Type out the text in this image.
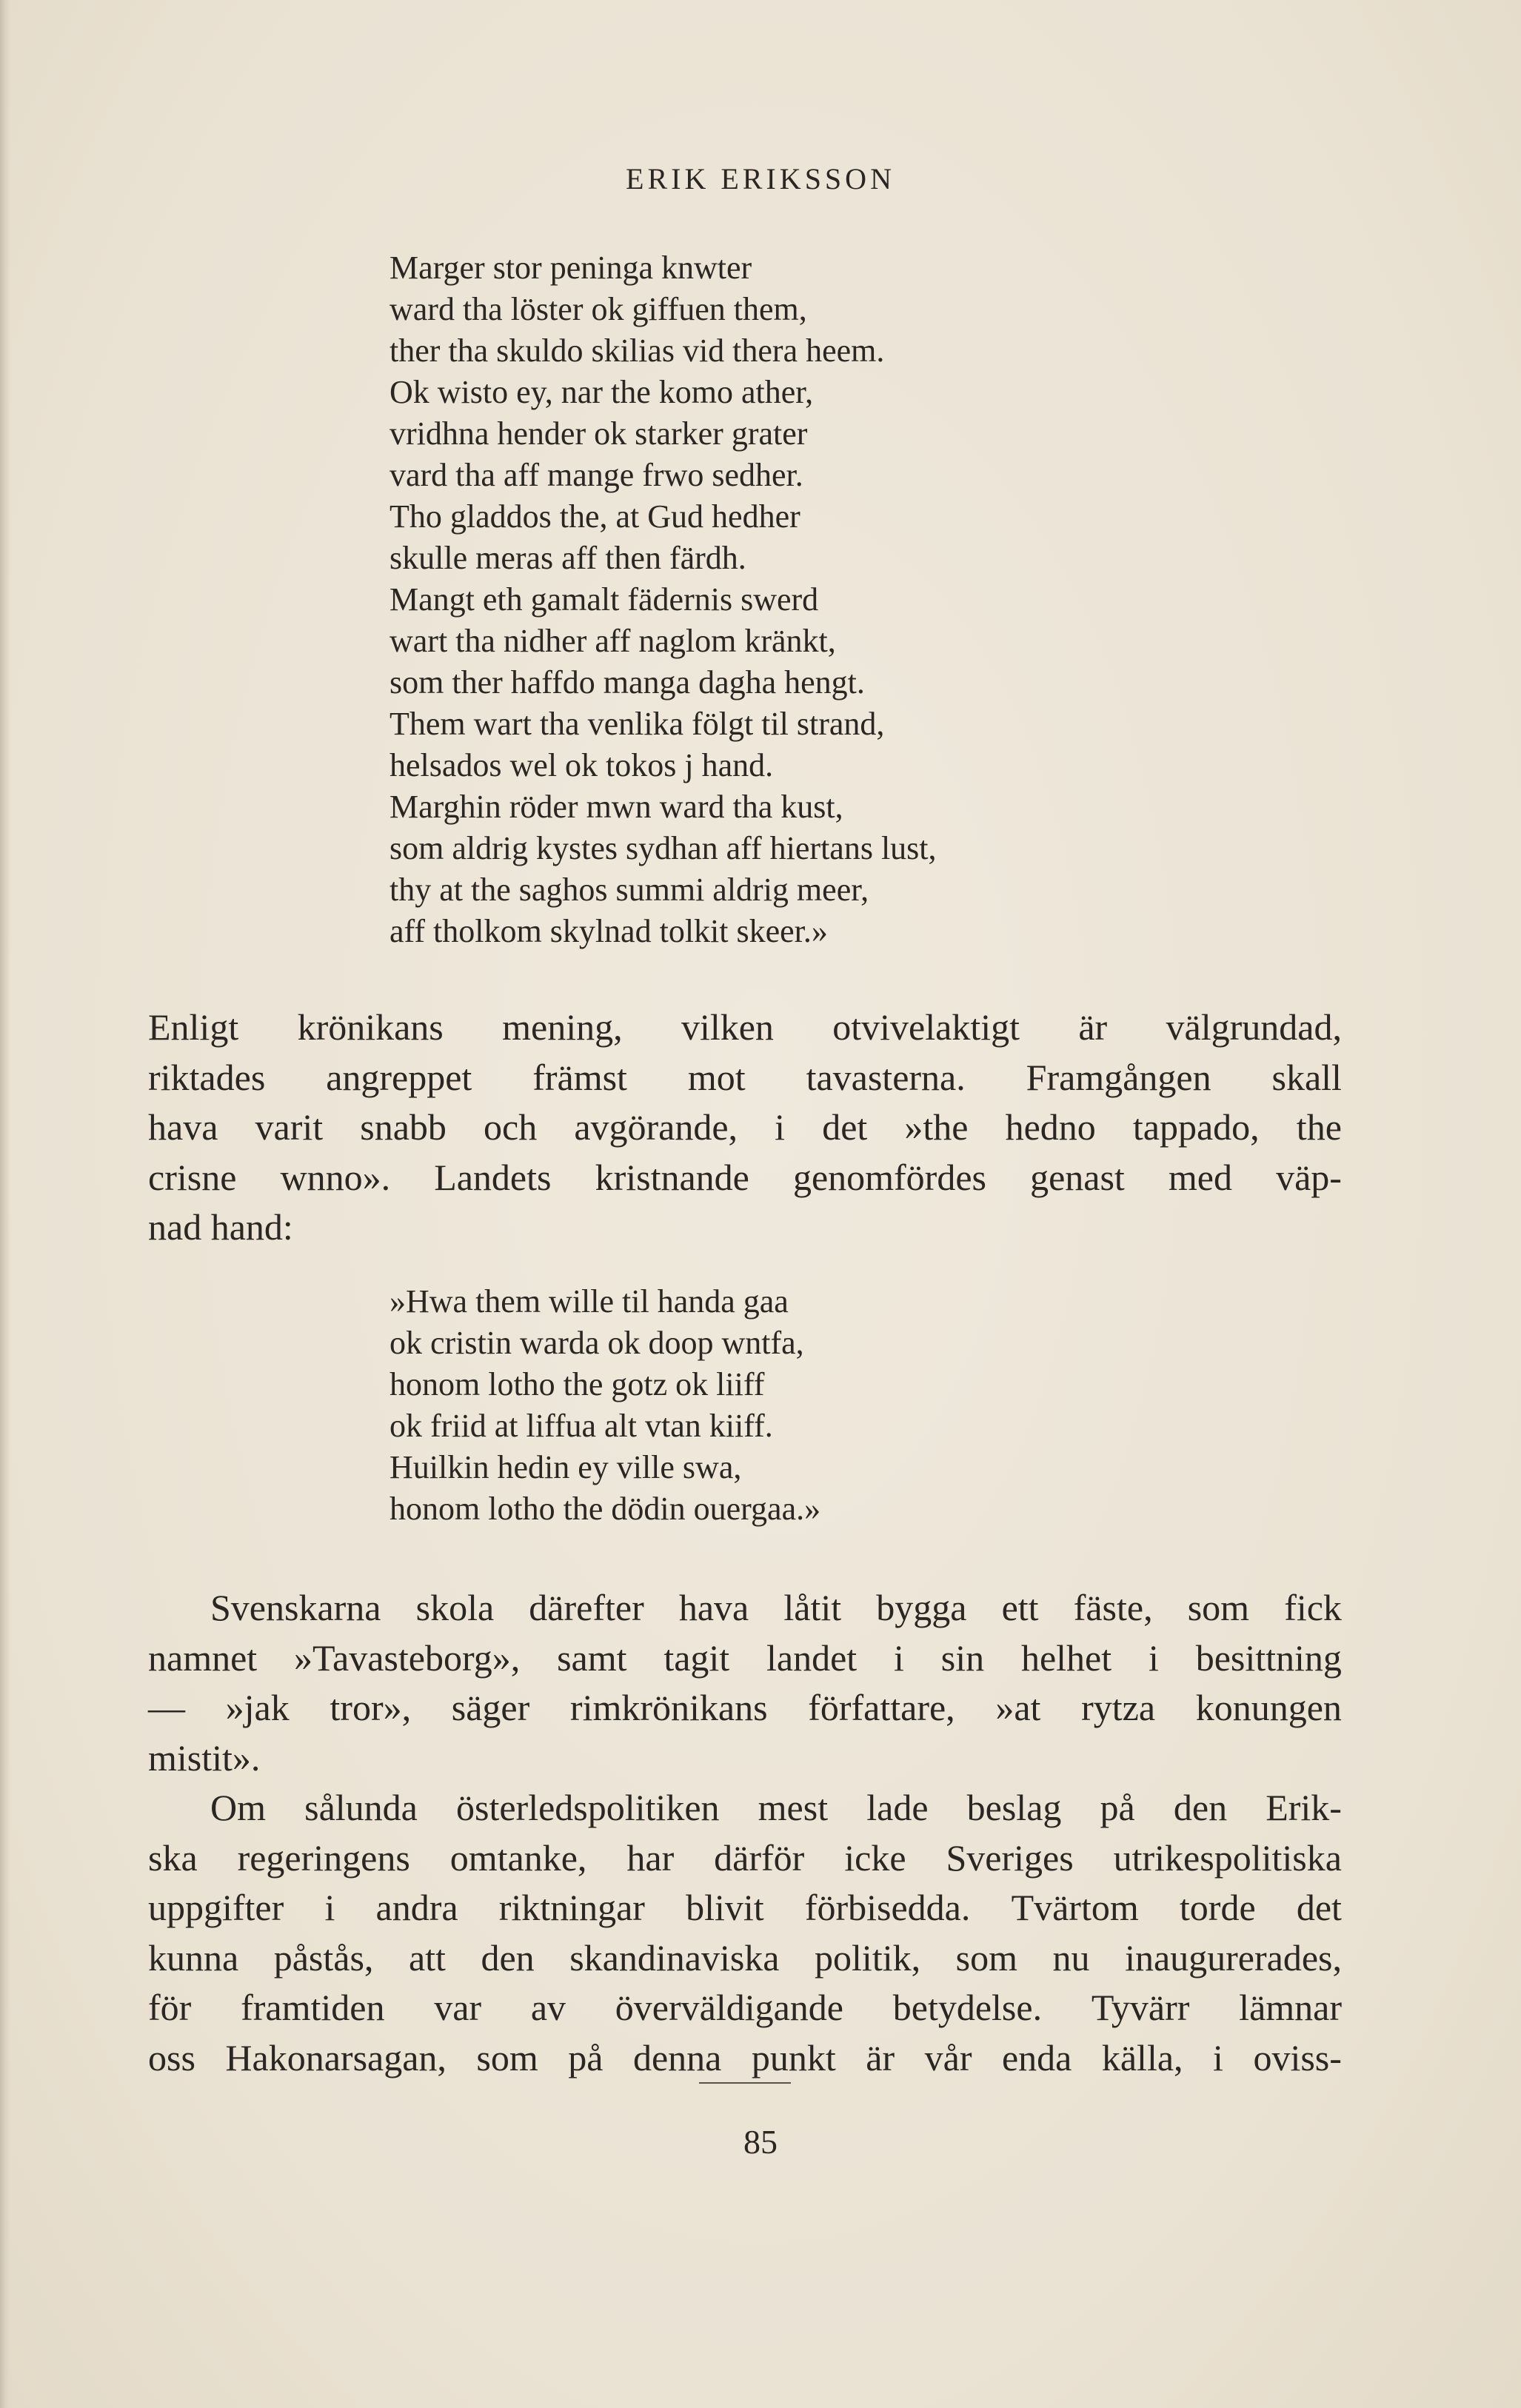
ERIK ERIKSSON
Marger stor peninga knwter
ward tha löster ok giffuen them,
ther tha skuldo skilias vid thera heem.
Ok wisto ey, nar the komo ather,
vridhna hender ok starker grater
vard tha aff mange frwo sedher.
Tho gladdos the, at Gud hedher
skulle meras aff then färdh.
Mangt eth gamalt fädernis swerd
wart tha nidher aff naglom kränkt,
som ther haffdo manga dagha hengt.
Them wart tha venlika fölgt til strand,
helsados wel ok tokos j hand.
Marghin röder mwn ward tha kust,
som aldrig kystes sydhan aff hiertans lust,
thy at the saghos summi aldrig meer,
aff tholkom skylnad tolkit skeer.»
Enligt krönikans mening, vilken otvivelaktigt är välgrundad,
riktades angreppet främst mot tavasterna. Framgången skall
hava varit snabb och avgörande, i det »the hedno tappado, the
crisne wnno». Landets kristnande genomfördes genast med väp-
nad hand:
»Hwa them wille til handa gaa
ok cristin warda ok doop wntfa,
honom lotho the gotz ok liiff
ok friid at liffua alt vtan kiiff.
Huilkin hedin ey ville swa,
honom lotho the dödin ouergaa.»
Svenskarna skola därefter hava låtit bygga ett fäste, som fick
namnet »Tavasteborg», samt tagit landet i sin helhet i besittning
— »jak tror», säger rimkrönikans författare, »at rytza konungen
mistit».
Om sålunda österledspolitiken mest lade beslag på den Erik-
ska regeringens omtanke, har därför icke Sveriges utrikespolitiska
uppgifter i andra riktningar blivit förbisedda. Tvärtom torde det
kunna påstås, att den skandinaviska politik, som nu inaugurerades,
för framtiden var av överväldigande betydelse. Tyvärr lämnar
oss Hakonarsagan, som på denna punkt är vår enda källa, i oviss-
85
